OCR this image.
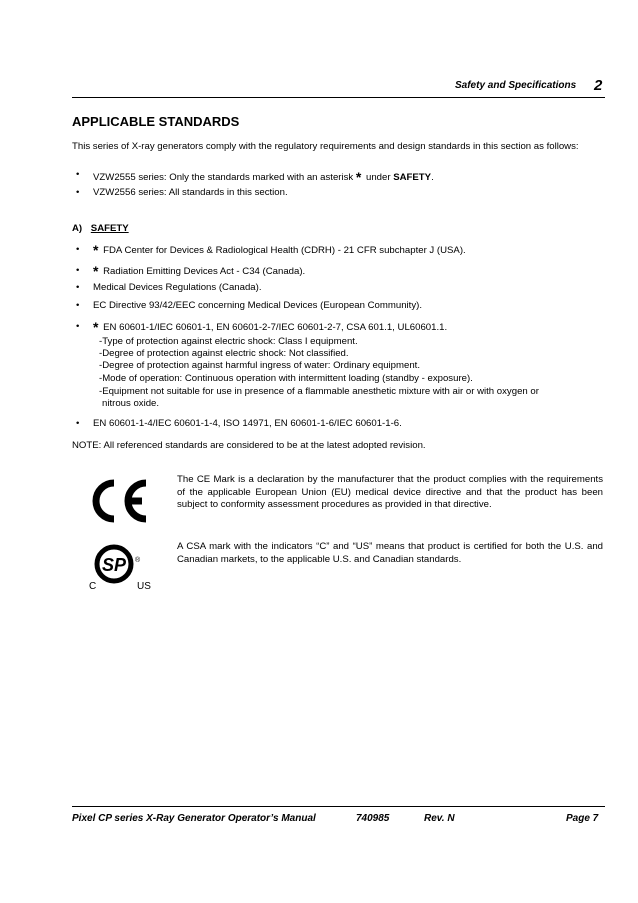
Safety and Specifications 2
APPLICABLE STANDARDS
This series of X-ray generators comply with the regulatory requirements and design standards in this section as follows:
• VZW2555 series: Only the standards marked with an asterisk * under SAFETY.
• VZW2556 series: All standards in this section.
A) SAFETY
• * FDA Center for Devices & Radiological Health (CDRH) - 21 CFR subchapter J (USA).
• * Radiation Emitting Devices Act - C34 (Canada).
• Medical Devices Regulations (Canada).
• EC Directive 93/42/EEC concerning Medical Devices (European Community).
• * EN 60601-1/IEC 60601-1, EN 60601-2-7/IEC 60601-2-7, CSA 601.1, UL60601.1.
-Type of protection against electric shock: Class I equipment.
-Degree of protection against electric shock: Not classified.
-Degree of protection against harmful ingress of water: Ordinary equipment.
-Mode of operation: Continuous operation with intermittent loading (standby - exposure).
-Equipment not suitable for use in presence of a flammable anesthetic mixture with air or with oxygen or
nitrous oxide.
• EN 60601-1-4/IEC 60601-1-4, ISO 14971, EN 60601-1-6/IEC 60601-1-6.
NOTE: All referenced standards are considered to be at the latest adopted revision.
The CE Mark is a declaration by the manufacturer that the product complies with the requirements of the applicable European Union (EU) medical device directive and that the product has been subject to conformity assessment procedures as provided in that directive.
SP ®
C	US
A CSA mark with the indicators “C” and “US” means that product is certified for both the U.S. and Canadian markets, to the applicable U.S. and Canadian standards.
Pixel CP series X-Ray Generator Operator’s Manual	740985	Rev. N	Page 7
